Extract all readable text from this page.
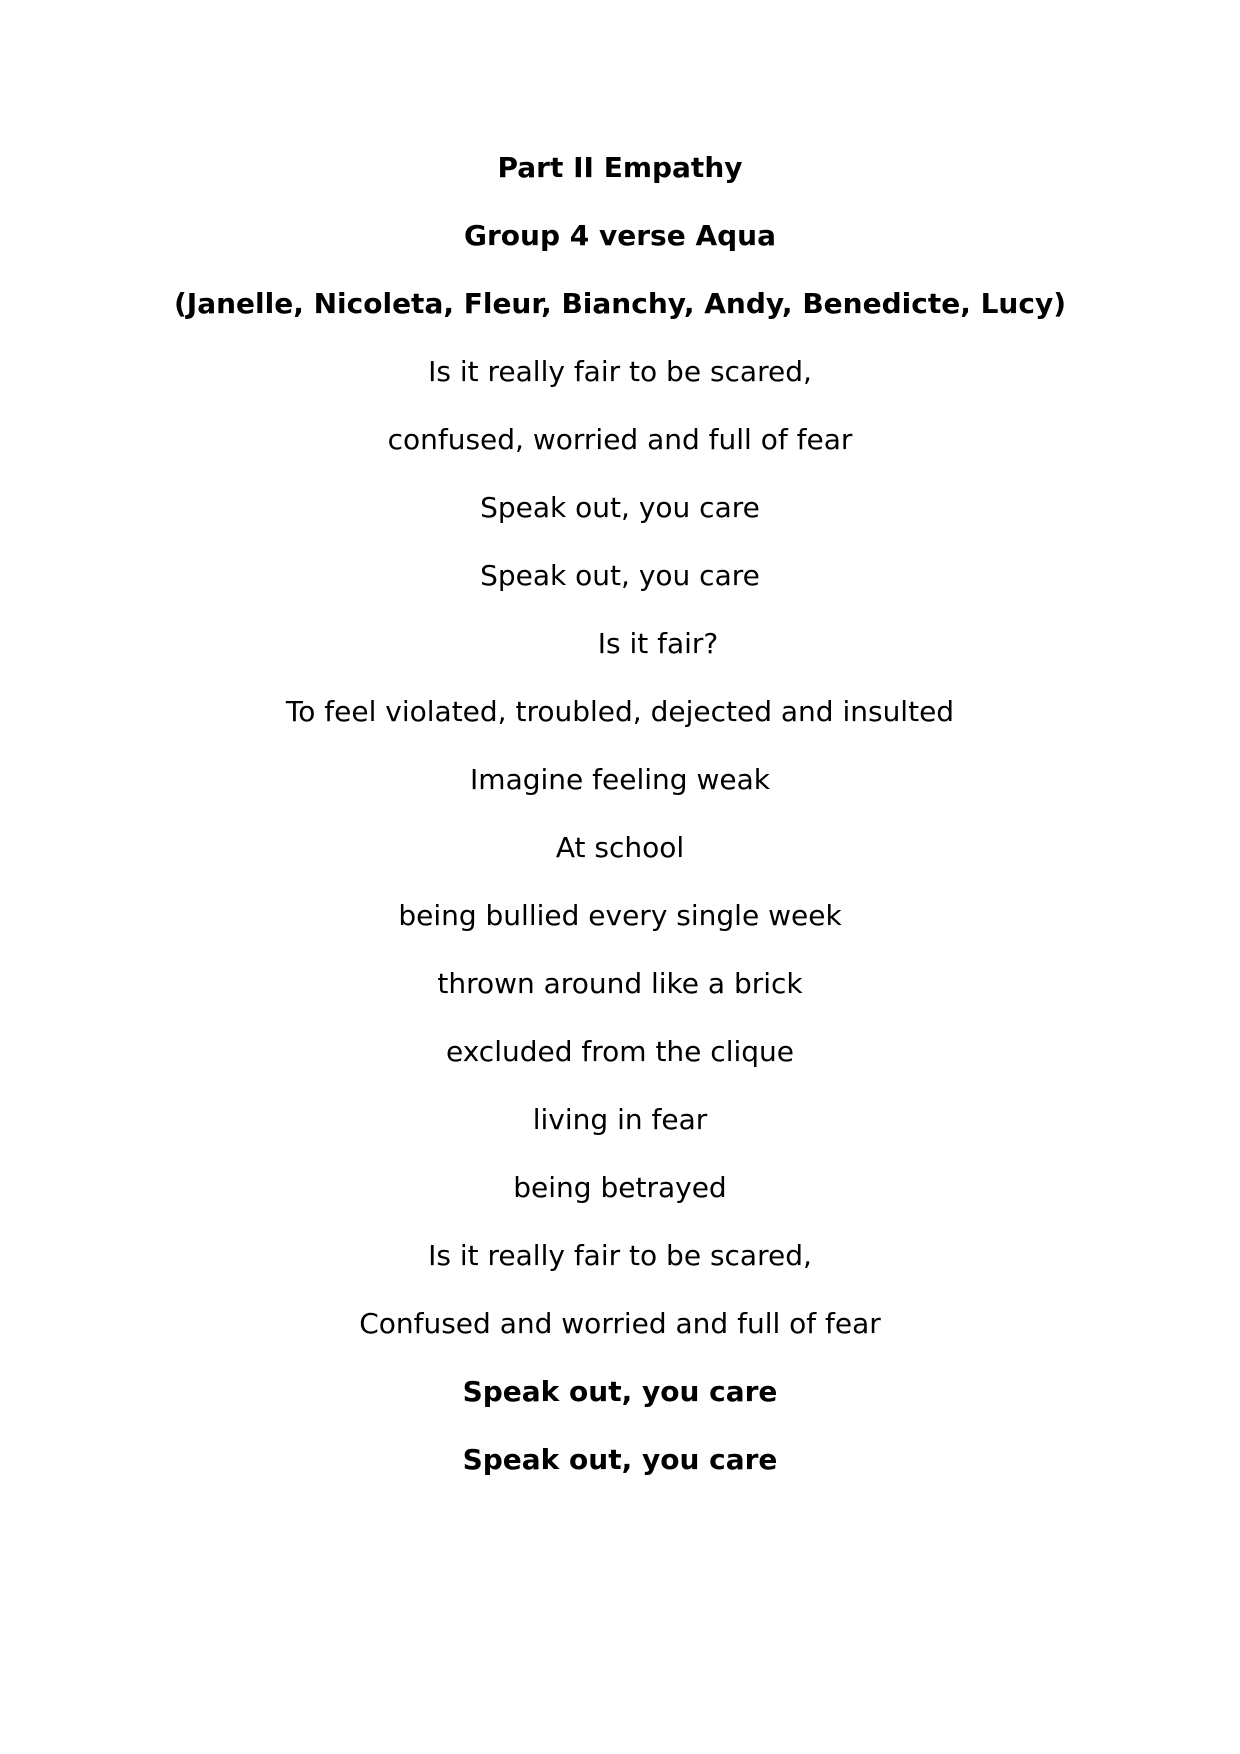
Part II Empathy

Group 4 verse Aqua

(Janelle, Nicoleta, Fleur, Bianchy, Andy, Benedicte, Lucy)

Is it really fair to be scared,

confused, worried and full of fear

Speak out, you care

Speak out, you care

Is it fair?

To feel violated, troubled, dejected and insulted

Imagine feeling weak

At school

being bullied every single week

thrown around like a brick

excluded from the clique

living in fear

being betrayed

Is it really fair to be scared,

Confused and worried and full of fear

Speak out, you care

Speak out, you care
